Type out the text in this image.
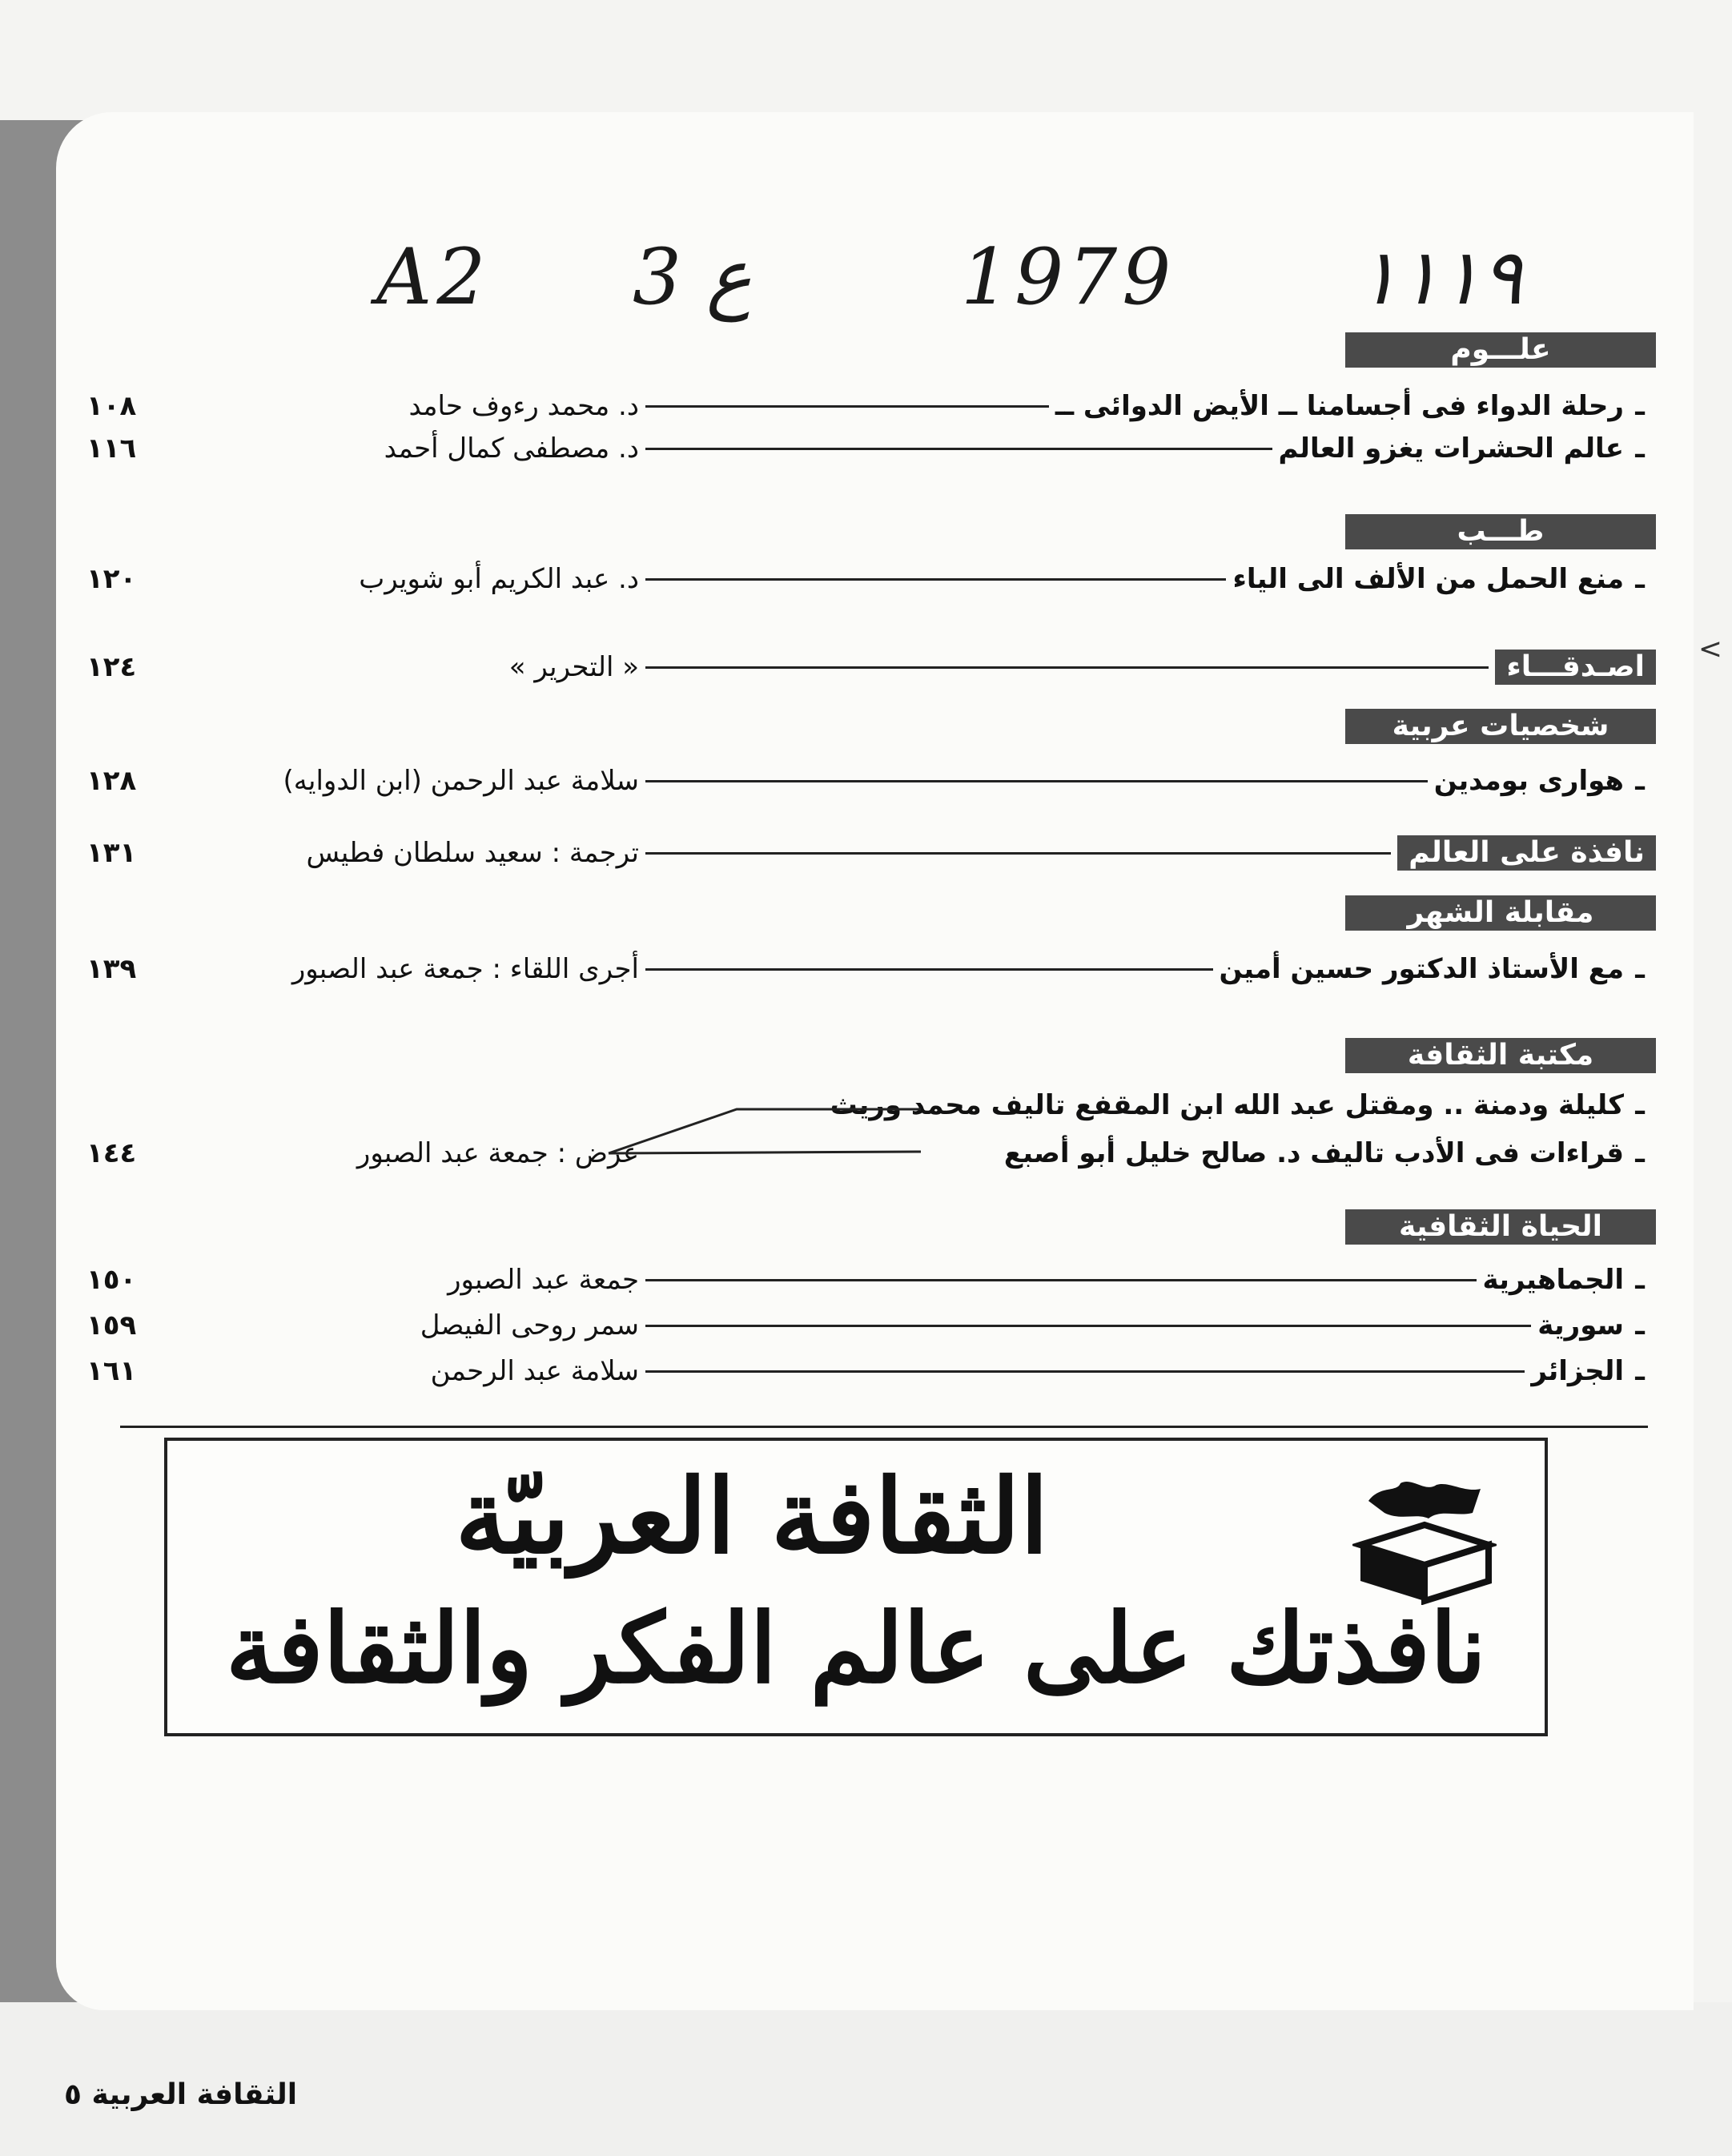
<
A2 3 ع	1979 ١١١٩
علـــوم
ـ
رحلة الدواء فى أجسامنا ــ الأيض الدوائى ــ
د. محمد رءوف حامد
١٠٨
ـ
عالم الحشرات يغزو العالم
د. مصطفى كمال أحمد
١١٦
طـــب
ـ
منع الحمل من الألف الى الياء
د. عبد الكريم أبو شويرب
١٢٠
اصـدقـــاء
« التحرير »
١٢٤
شخصيات عربية
ـ
هوارى بومدين
سلامة عبد الرحمن (ابن الدوايه)
١٢٨
نافذة على العالم
ترجمة : سعيد سلطان فطيس
١٣١
مقابلة الشهر
ـ
مع الأستاذ الدكتور حسين أمين
أجرى اللقاء : جمعة عبد الصبور
١٣٩
مكتبة الثقافة
ـ
كليلة ودمنة .. ومقتل عبد الله ابن المقفع تاليف محمد وريث
ـ
قراءات فى الأدب تاليف د. صالح خليل أبو أصبع
عرض : جمعة عبد الصبور
١٤٤
الحياة الثقافية
ـ
الجماهيرية
جمعة عبد الصبور
١٥٠
ـ
سورية
سمر روحى الفيصل
١٥٩
ـ
الجزائر
سلامة عبد الرحمن
١٦١
الثقافة العربيّة
نافذتك على عالم الفكر والثقافة
الثقافة العربية ٥
